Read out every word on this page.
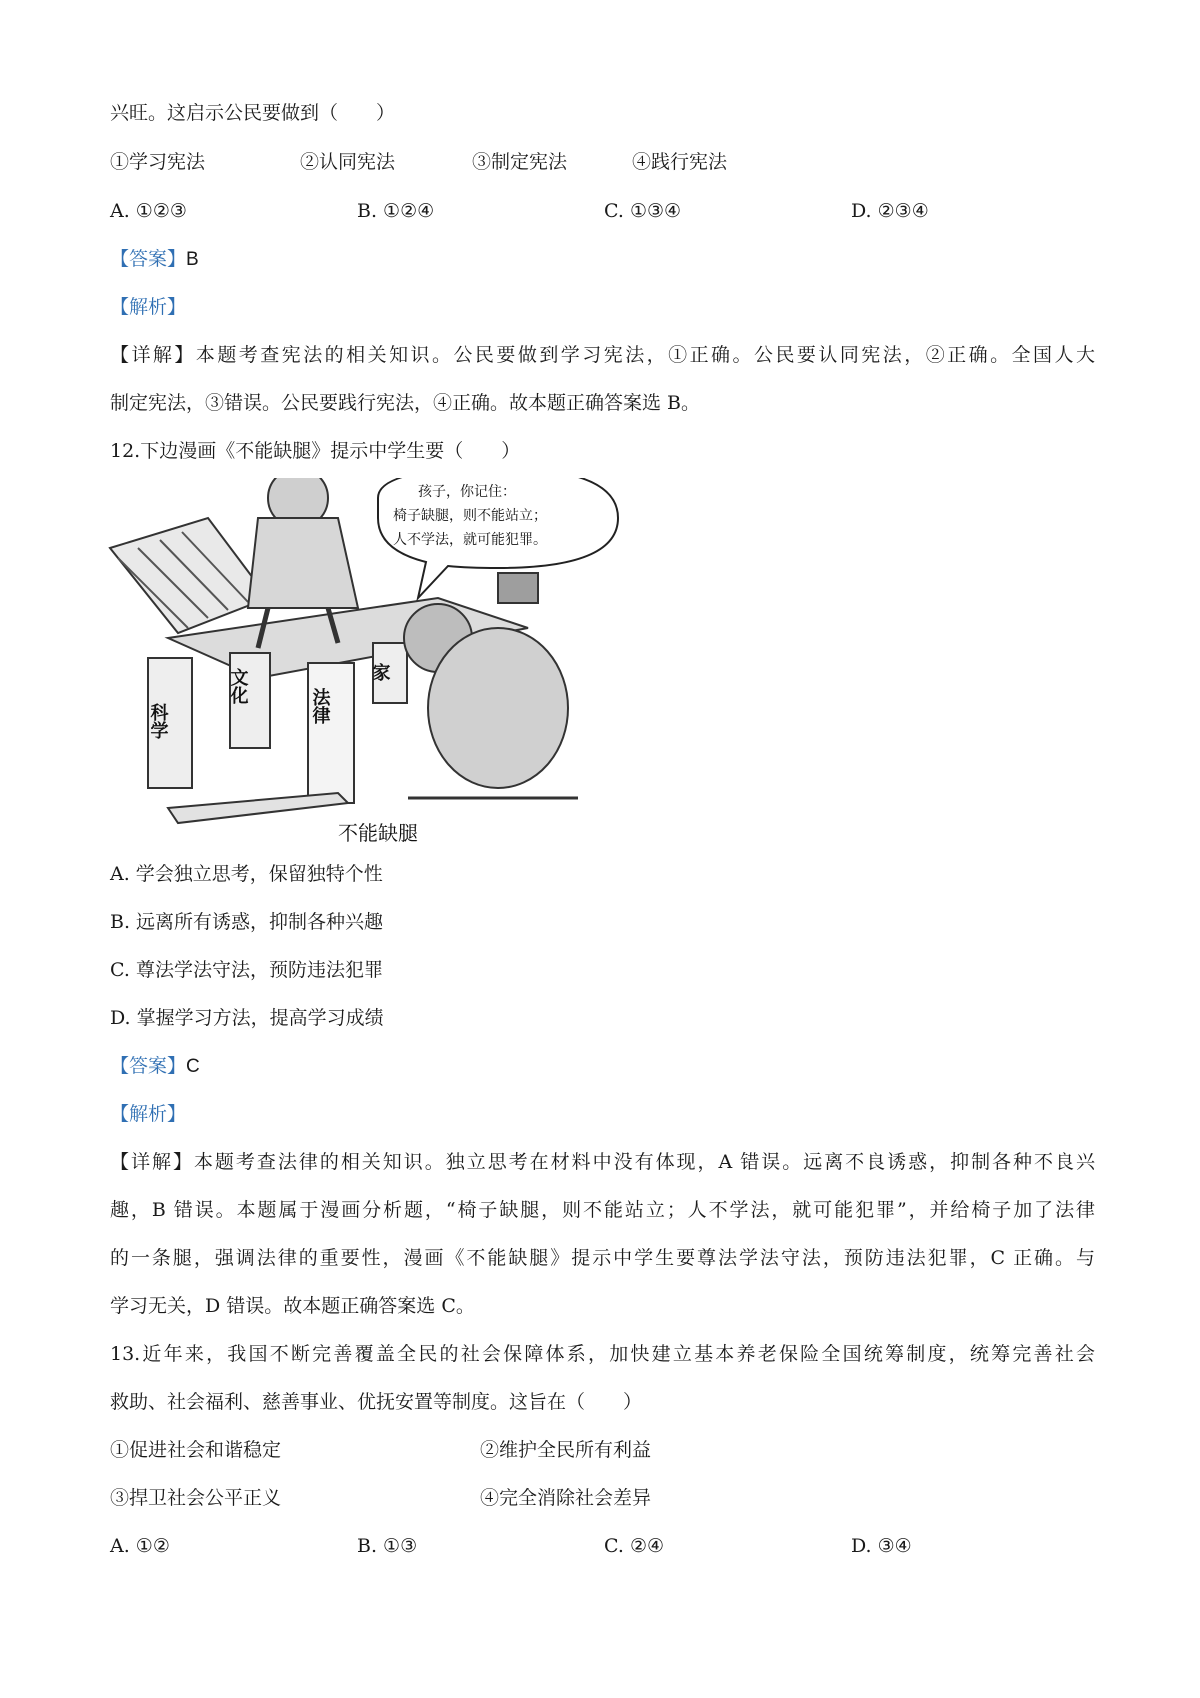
兴旺。这启示公民要做到（　　）
①学习宪法	②认同宪法	③制定宪法	④践行宪法
A. ①②③	B. ①②④	C. ①③④	D. ②③④
【答案】B
【解析】
【详解】本题考查宪法的相关知识。公民要做到学习宪法，①正确。公民要认同宪法，②正确。全国人大
制定宪法，③错误。公民要践行宪法，④正确。故本题正确答案选 B。
12.下边漫画《不能缺腿》提示中学生要（　　）
孩子，你记住：
椅子缺腿，则不能站立；
人不学法，就可能犯罪。
科学
文化
法律
家
不能缺腿
A. 学会独立思考，保留独特个性
B. 远离所有诱惑，抑制各种兴趣
C. 尊法学法守法，预防违法犯罪
D. 掌握学习方法，提高学习成绩
【答案】C
【解析】
【详解】本题考查法律的相关知识。独立思考在材料中没有体现，A 错误。远离不良诱惑，抑制各种不良兴
趣，B 错误。本题属于漫画分析题，“椅子缺腿，则不能站立；人不学法，就可能犯罪”，并给椅子加了法律
的一条腿，强调法律的重要性，漫画《不能缺腿》提示中学生要尊法学法守法，预防违法犯罪，C 正确。与
学习无关，D 错误。故本题正确答案选 C。
13.近年来，我国不断完善覆盖全民的社会保障体系，加快建立基本养老保险全国统筹制度，统筹完善社会
救助、社会福利、慈善事业、优抚安置等制度。这旨在（　　）
①促进社会和谐稳定	②维护全民所有利益
③捍卫社会公平正义	④完全消除社会差异
A. ①②	B. ①③	C. ②④	D. ③④
